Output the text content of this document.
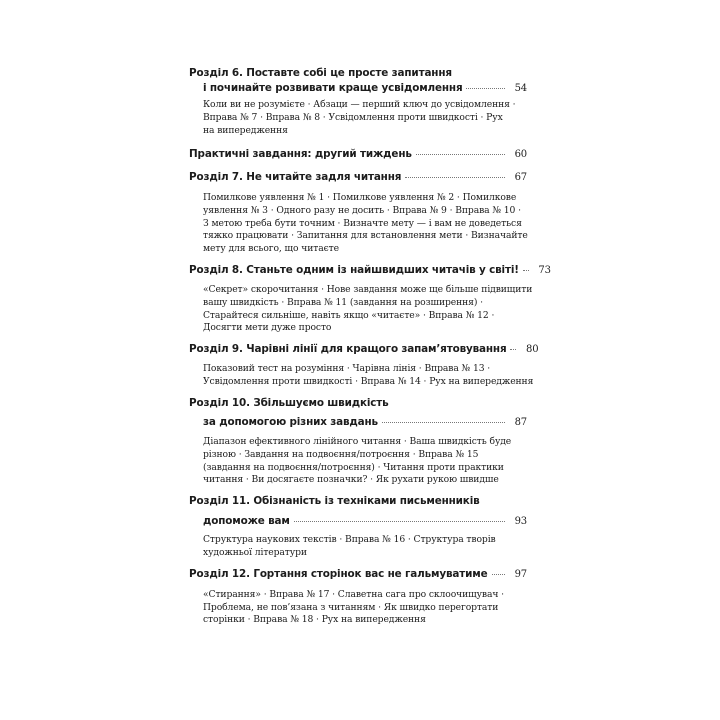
Розділ 6. Поставте собі це просте запитання
і починайте розвивати краще усвідомлення	54
Коли ви не розумієте · Абзаци — перший ключ до усвідомлення ·
Вправа № 7 · Вправа № 8 · Усвідомлення проти швидкості · Рух
на випередження
Практичні завдання: другий тиждень	60
Розділ 7. Не читайте задля читання	67
Помилкове уявлення № 1 · Помилкове уявлення № 2 · Помилкове
уявлення № 3 · Одного разу не досить · Вправа № 9 · Вправа № 10 ·
З метою треба бути точним · Визначте мету — і вам не доведеться
тяжко працювати · Запитання для встановлення мети · Визначайте
мету для всього, що читаєте
Розділ 8. Станьте одним із найшвидших читачів у світі!	73
«Секрет» скорочитання · Нове завдання може ще більше підвищити
вашу швидкість · Вправа № 11 (завдання на розширення) ·
Старайтеся сильніше, навіть якщо «читаєте» · Вправа № 12 ·
Досягти мети дуже просто
Розділ 9. Чарівні лінії для кращого запам’ятовування	80
Показовий тест на розуміння · Чарівна лінія · Вправа № 13 ·
Усвідомлення проти швидкості · Вправа № 14 · Рух на випередження
Розділ 10. Збільшуємо швидкість
за допомогою різних завдань	87
Діапазон ефективного лінійного читання · Ваша швидкість буде
різною · Завдання на подвоєння/потроєння · Вправа № 15
(завдання на подвоєння/потроєння) · Читання проти практики
читання · Ви досягаєте позначки? · Як рухати рукою швидше
Розділ 11. Обізнаність із техніками письменників
допоможе вам	93
Структура наукових текстів · Вправа № 16 · Структура творів
художньої літератури
Розділ 12. Гортання сторінок вас не гальмуватиме	97
«Стирання» · Вправа № 17 · Славетна сага про склоочищувач ·
Проблема, не пов’язана з читанням · Як швидко перегортати
сторінки · Вправа № 18 · Рух на випередження
